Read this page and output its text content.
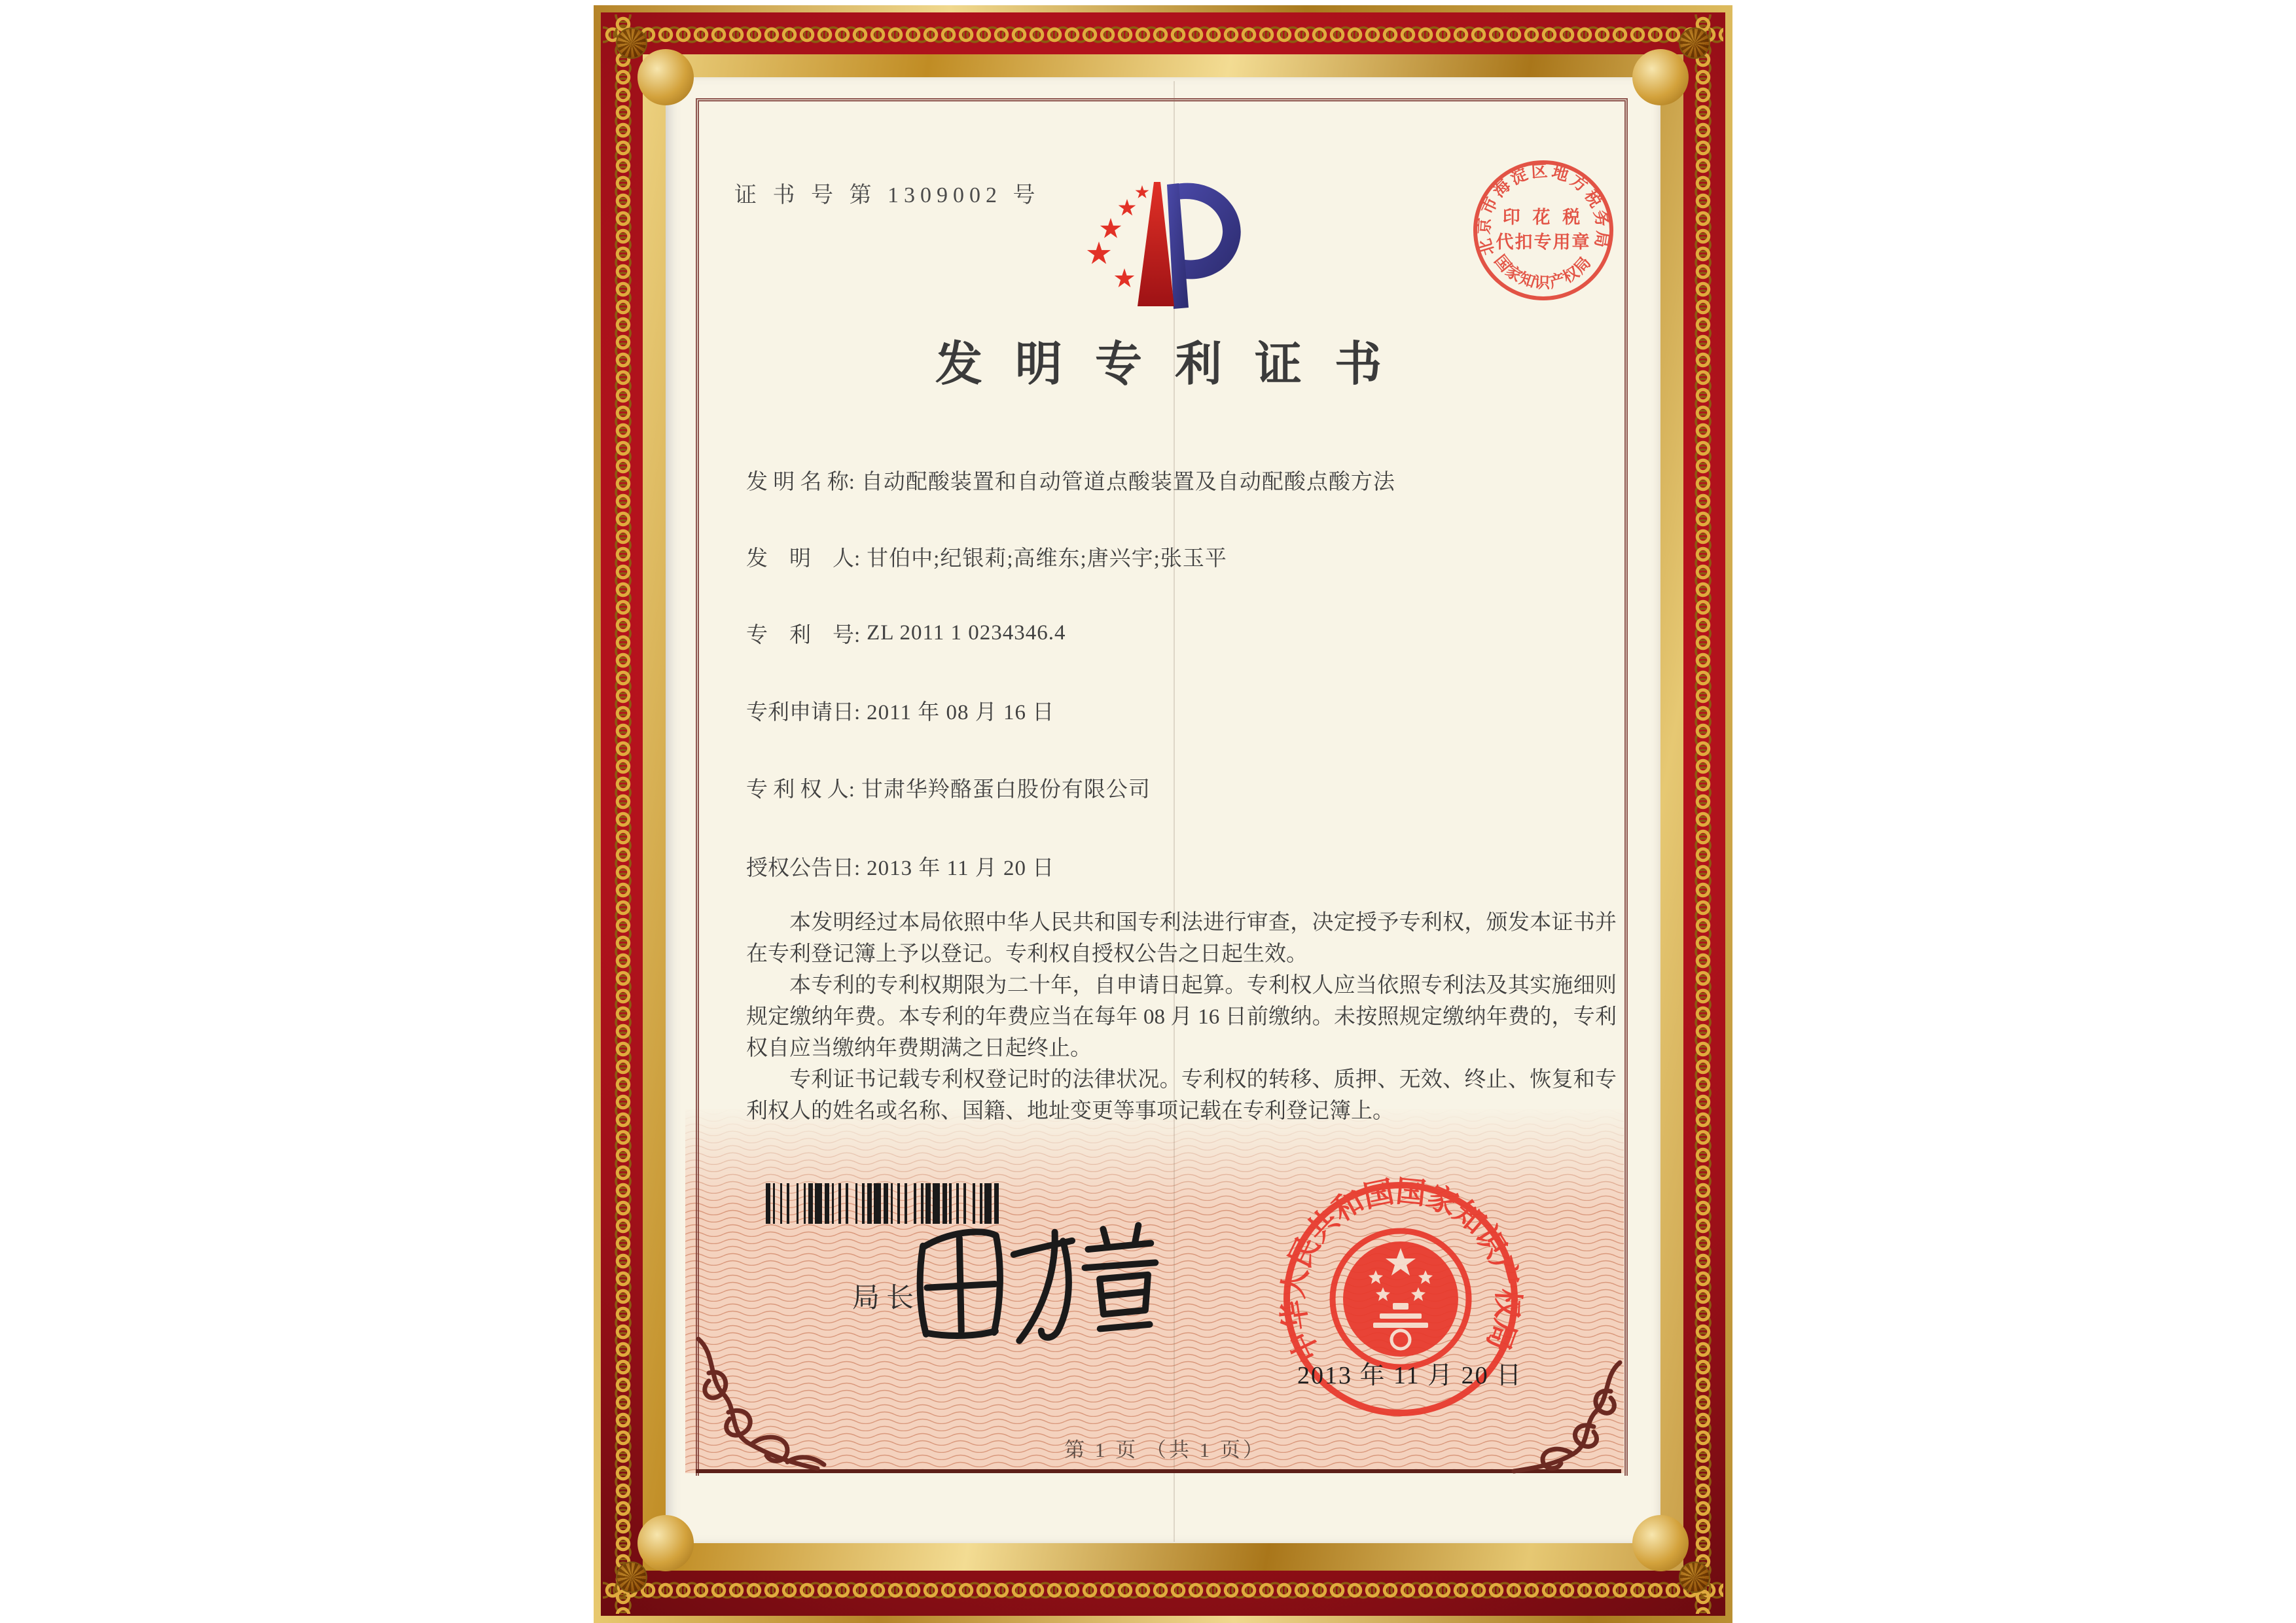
证 书 号 第 1309002 号
发明专利证书
发 明 名 称: 自动配酸装置和自动管道点酸装置及自动配酸点酸方法
发　明　人: 甘伯中;纪银莉;高维东;唐兴宇;张玉平
专　利　号: ZL 2011 1 0234346.4
专利申请日: 2011 年 08 月 16 日
专 利 权 人: 甘肃华羚酪蛋白股份有限公司
授权公告日: 2013 年 11 月 20 日

本发明经过本局依照中华人民共和国专利法进行审查，决定授予专利权，颁发本证书并在专利登记簿上予以登记。专利权自授权公告之日起生效。

本专利的专利权期限为二十年，自申请日起算。专利权人应当依照专利法及其实施细则规定缴纳年费。本专利的年费应当在每年 08 月 16 日前缴纳。未按照规定缴纳年费的，专利权自应当缴纳年费期满之日起终止。

专利证书记载专利权登记时的法律状况。专利权的转移、质押、无效、终止、恢复和专利权人的姓名或名称、国籍、地址变更等事项记载在专利登记簿上。

局长
中华人民共和国国家知识产权局
2013 年 11 月 20 日
北京市海淀区地方税务局
国家知识产权局
印 花 税
代扣专用章
第 1 页 （共 1 页）
